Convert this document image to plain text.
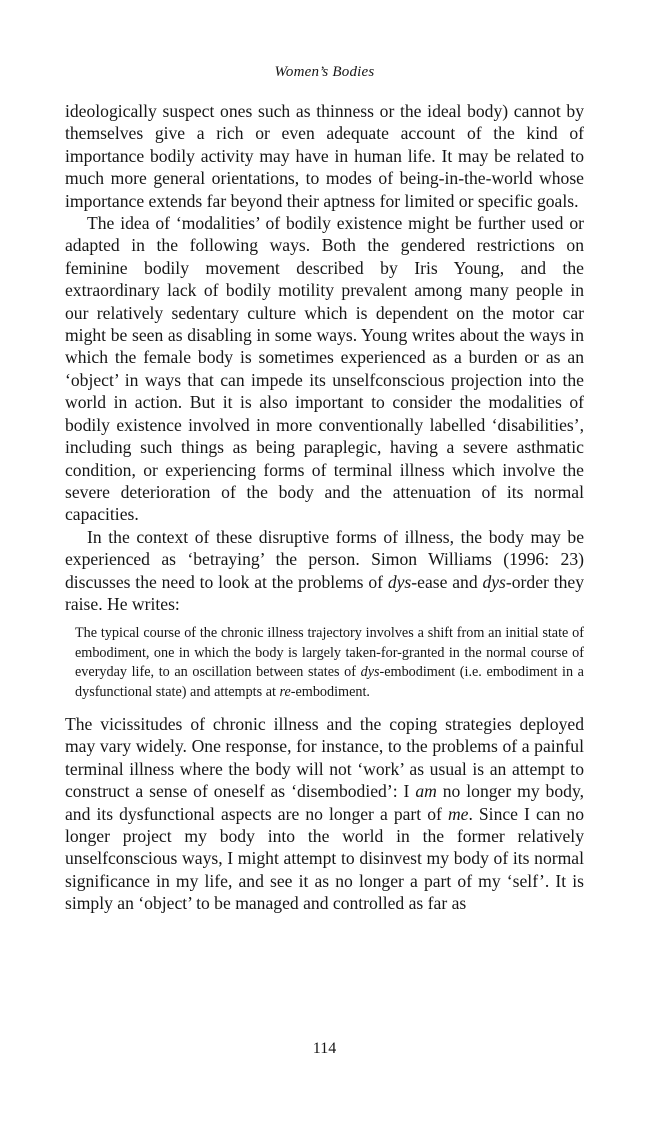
Women’s Bodies

ideologically suspect ones such as thinness or the ideal body) cannot by themselves give a rich or even adequate account of the kind of importance bodily activity may have in human life. It may be related to much more general orientations, to modes of being-in-the-world whose importance extends far beyond their aptness for limited or specific goals.

The idea of ‘modalities’ of bodily existence might be further used or adapted in the following ways. Both the gendered restrictions on feminine bodily movement described by Iris Young, and the extraordinary lack of bodily motility prevalent among many people in our relatively sedentary culture which is dependent on the motor car might be seen as disabling in some ways. Young writes about the ways in which the female body is sometimes experienced as a burden or as an ‘object’ in ways that can impede its unselfconscious projection into the world in action. But it is also important to consider the modalities of bodily existence involved in more conventionally labelled ‘disabilities’, including such things as being paraplegic, having a severe asthmatic condition, or experiencing forms of terminal illness which involve the severe deterioration of the body and the attenuation of its normal capacities.

In the context of these disruptive forms of illness, the body may be experienced as ‘betraying’ the person. Simon Williams (1996: 23) discusses the need to look at the problems of dys-ease and dys-order they raise. He writes:

The typical course of the chronic illness trajectory involves a shift from an initial state of embodiment, one in which the body is largely taken-for-granted in the normal course of everyday life, to an oscillation between states of dys-embodiment (i.e. embodiment in a dysfunctional state) and attempts at re-embodiment.

The vicissitudes of chronic illness and the coping strategies deployed may vary widely. One response, for instance, to the problems of a painful terminal illness where the body will not ‘work’ as usual is an attempt to construct a sense of oneself as ‘disembodied’: I am no longer my body, and its dysfunctional aspects are no longer a part of me. Since I can no longer project my body into the world in the former relatively unselfconscious ways, I might attempt to disinvest my body of its normal significance in my life, and see it as no longer a part of my ‘self’. It is simply an ‘object’ to be managed and controlled as far as

114
